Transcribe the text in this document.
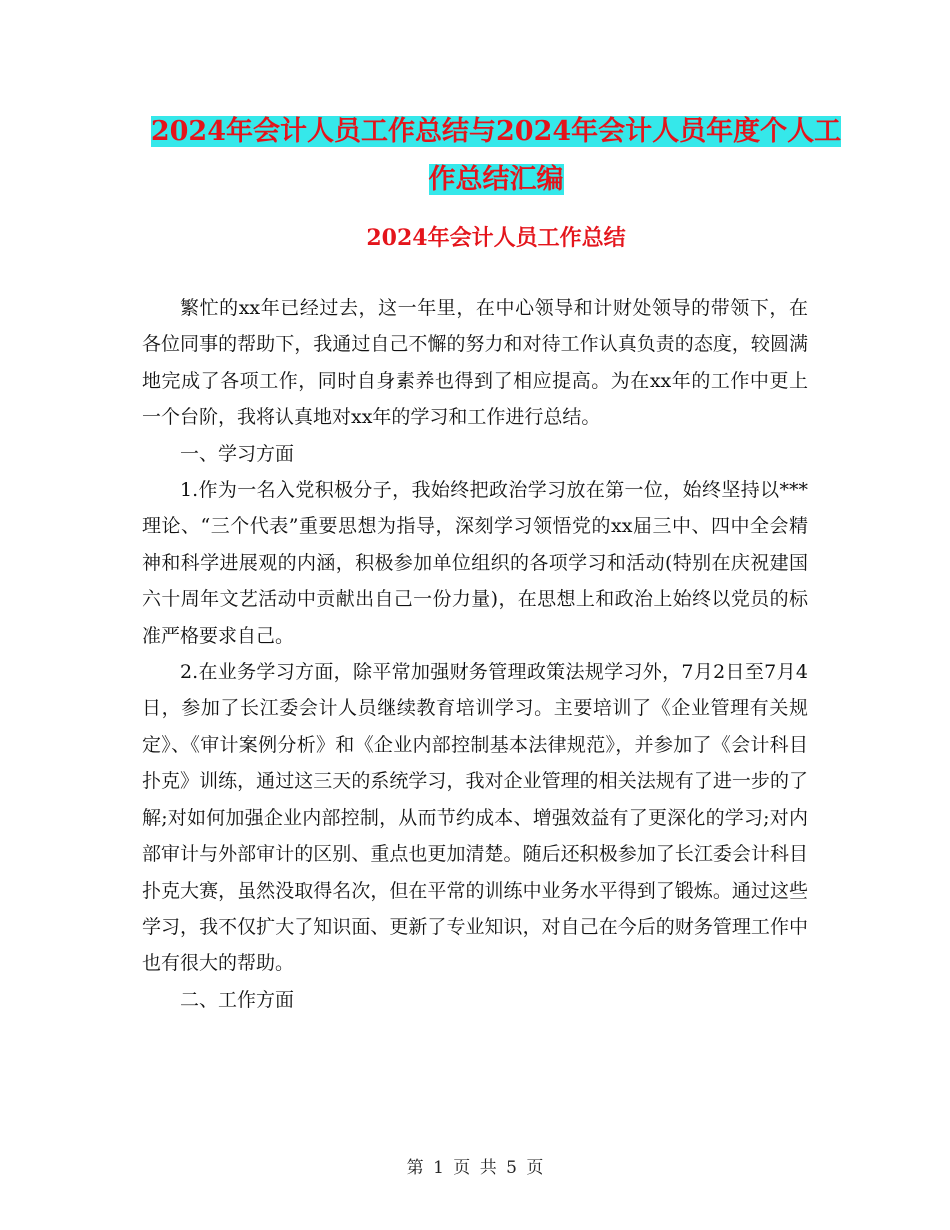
2024年会计人员工作总结与2024年会计人员年度个人工作总结汇编
2024年会计人员工作总结

繁忙的xx年已经过去，这一年里，在中心领导和计财处领导的带领下，在各位同事的帮助下，我通过自己不懈的努力和对待工作认真负责的态度，较圆满地完成了各项工作，同时自身素养也得到了相应提高。为在xx年的工作中更上一个台阶，我将认真地对xx年的学习和工作进行总结。

一、学习方面

1.作为一名入党积极分子，我始终把政治学习放在第一位，始终坚持以***理论、“三个代表”重要思想为指导，深刻学习领悟党的xx届三中、四中全会精神和科学进展观的内涵，积极参加单位组织的各项学习和活动(特别在庆祝建国六十周年文艺活动中贡献出自己一份力量)，在思想上和政治上始终以党员的标准严格要求自己。

2.在业务学习方面，除平常加强财务管理政策法规学习外，7月2日至7月4日，参加了长江委会计人员继续教育培训学习。主要培训了《企业管理有关规定》、《审计案例分析》和《企业内部控制基本法律规范》，并参加了《会计科目扑克》训练，通过这三天的系统学习，我对企业管理的相关法规有了进一步的了解;对如何加强企业内部控制，从而节约成本、增强效益有了更深化的学习;对内部审计与外部审计的区别、重点也更加清楚。随后还积极参加了长江委会计科目扑克大赛，虽然没取得名次，但在平常的训练中业务水平得到了锻炼。通过这些学习，我不仅扩大了知识面、更新了专业知识，对自己在今后的财务管理工作中也有很大的帮助。

二、工作方面

第 1 页 共 5 页
